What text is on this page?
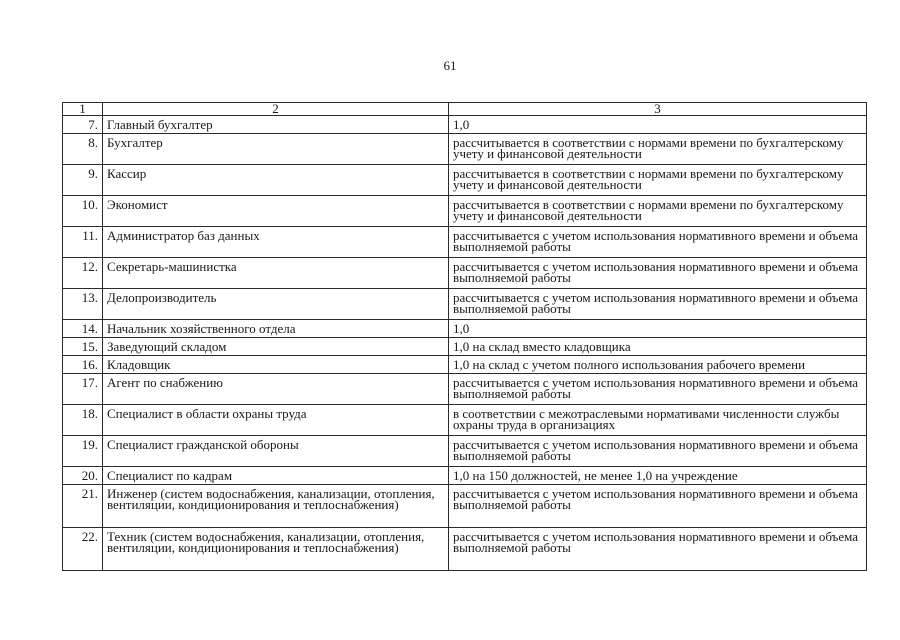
61
1	2	3

7.	Главный бухгалтер	1,0

8.	Бухгалтер	рассчитывается в соответствии с нормами времени по бухгалтерскому учету и финансовой деятельности

9.	Кассир	рассчитывается в соответствии с нормами времени по бухгалтерскому учету и финансовой деятельности

10.	Экономист	рассчитывается в соответствии с нормами времени по бухгалтерскому учету и финансовой деятельности

11.	Администратор баз данных	рассчитывается с учетом использования нормативного времени и объема выполняемой работы

12.	Секретарь-машинистка	рассчитывается с учетом использования нормативного времени и объема выполняемой работы

13.	Делопроизводитель	рассчитывается с учетом использования нормативного времени и объема выполняемой работы

14.	Начальник хозяйственного отдела	1,0

15.	Заведующий складом	1,0 на склад вместо кладовщика

16.	Кладовщик	1,0 на склад с учетом полного использования рабочего времени

17.	Агент по снабжению	рассчитывается с учетом использования нормативного времени и объема выполняемой работы

18.	Специалист в области охраны труда	в соответствии с межотраслевыми нормативами численности службы охраны труда в организациях

19.	Специалист гражданской обороны	рассчитывается с учетом использования нормативного времени и объема выполняемой работы

20.	Специалист по кадрам	1,0 на 150 должностей, не менее 1,0 на учреждение

21.	Инженер (систем водоснабжения, канализации, отопления, вентиляции, кондиционирования и теплоснабжения)	рассчитывается с учетом использования нормативного времени и объема выполняемой работы

22.	Техник (систем водоснабжения, канализации, отопления, вентиляции, кондиционирования и теплоснабжения)	рассчитывается с учетом использования нормативного времени и объема выполняемой работы
